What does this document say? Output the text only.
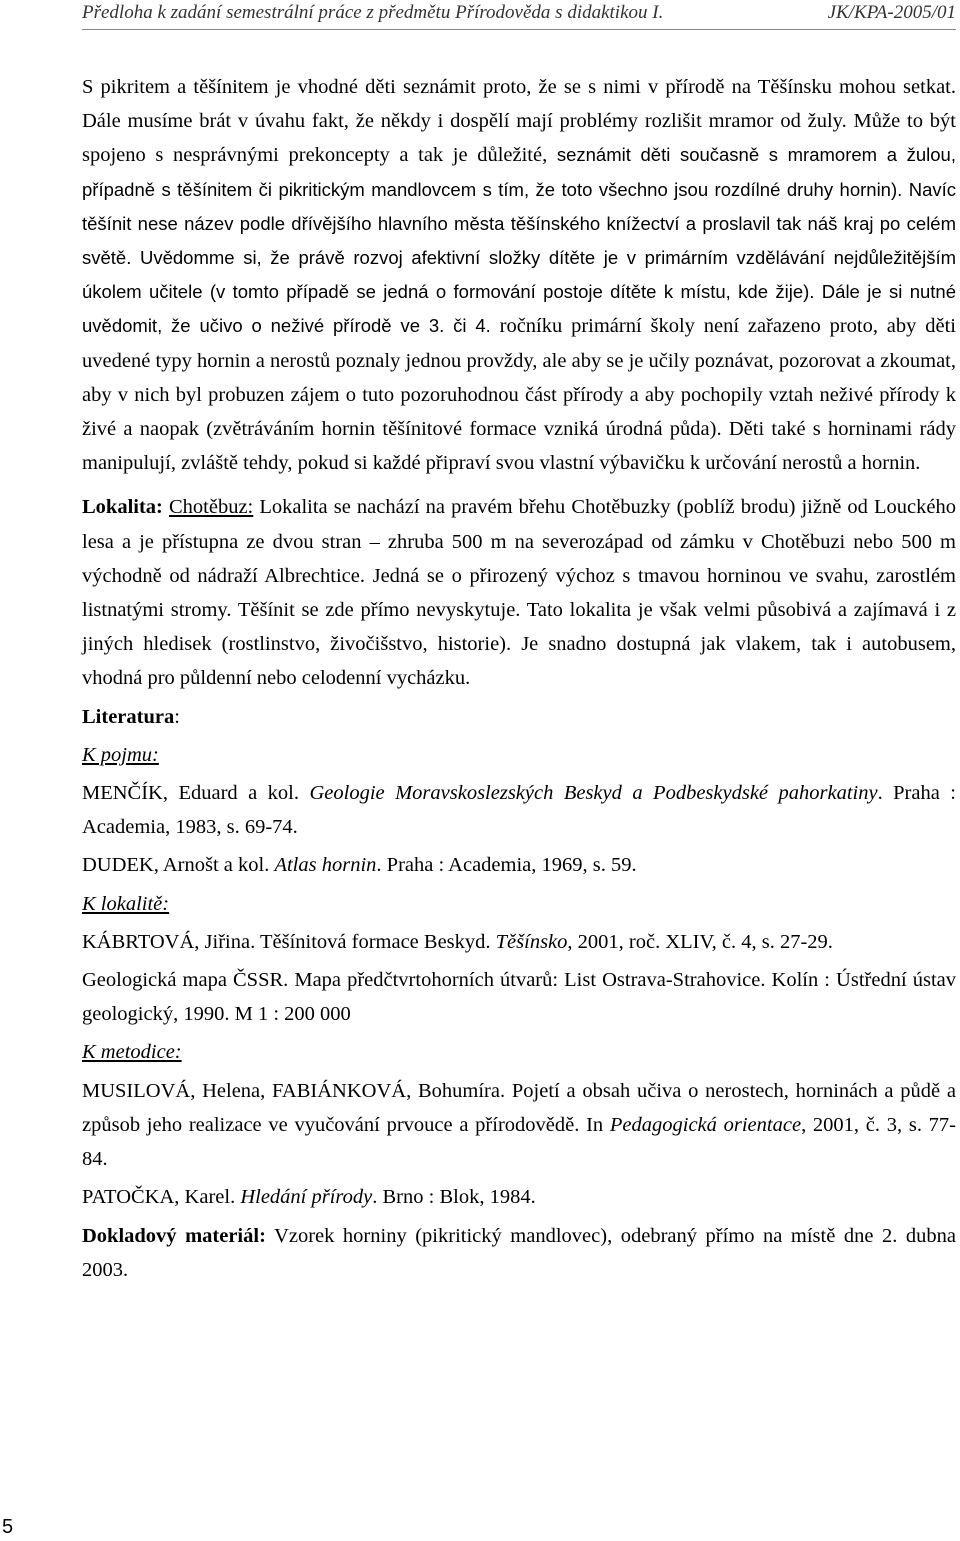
Předloha k zadání semestrální práce z předmětu Přírodověda s didaktikou I.	JK/KPA-2005/01

S pikritem a těšínitem je vhodné děti seznámit proto, že se s nimi v přírodě na Těšínsku mohou setkat. Dále musíme brát v úvahu fakt, že někdy i dospělí mají problémy rozlišit mramor od žuly. Může to být spojeno s nesprávnými prekoncepty a tak je důležité, seznámit děti současně s mramorem a žulou, případně s těšínitem či pikritickým mandlovcem s tím, že toto všechno jsou rozdílné druhy hornin). Navíc těšínit nese název podle dřívějšího hlavního města těšínského knížectví a proslavil tak náš kraj po celém světě. Uvědomme si, že právě rozvoj afektivní složky dítěte je v primárním vzdělávání nejdůležitějším úkolem učitele (v tomto případě se jedná o formování postoje dítěte k místu, kde žije). Dále je si nutné uvědomit, že učivo o neživé přírodě ve 3. či 4. ročníku primární školy není zařazeno proto, aby děti uvedené typy hornin a nerostů poznaly jednou provždy, ale aby se je učily poznávat, pozorovat a zkoumat, aby v nich byl probuzen zájem o tuto pozoruhodnou část přírody a aby pochopily vztah neživé přírody k živé a naopak (zvětráváním hornin těšínitové formace vzniká úrodná půda). Děti také s horninami rády manipulují, zvláště tehdy, pokud si každé připraví svou vlastní výbavičku k určování nerostů a hornin.

Lokalita: Chotěbuz: Lokalita se nachází na pravém břehu Chotěbuzky (poblíž brodu) jižně od Louckého lesa a je přístupna ze dvou stran – zhruba 500 m na severozápad od zámku v Chotěbuzi nebo 500 m východně od nádraží Albrechtice. Jedná se o přirozený výchoz s tmavou horninou ve svahu, zarostlém listnatými stromy. Těšínit se zde přímo nevyskytuje. Tato lokalita je však velmi působivá a zajímavá i z jiných hledisek (rostlinstvo, živočišstvo, historie). Je snadno dostupná jak vlakem, tak i autobusem, vhodná pro půldenní nebo celodenní vycházku.

Literatura:

K pojmu:

MENČÍK, Eduard a kol. Geologie Moravskoslezských Beskyd a Podbeskydské pahorkatiny. Praha : Academia, 1983, s. 69-74.

DUDEK, Arnošt a kol. Atlas hornin. Praha : Academia, 1969, s. 59.

K lokalitě:

KÁBRTOVÁ, Jiřina. Těšínitová formace Beskyd. Těšínsko, 2001, roč. XLIV, č. 4, s. 27-29.

Geologická mapa ČSSR. Mapa předčtvrtohorních útvarů: List Ostrava-Strahovice. Kolín : Ústřední ústav geologický, 1990. M 1 : 200 000

K metodice:

MUSILOVÁ, Helena, FABIÁNKOVÁ, Bohumíra. Pojetí a obsah učiva o nerostech, horninách a půdě a způsob jeho realizace ve vyučování prvouce a přírodovědě. In Pedagogická orientace, 2001, č. 3, s. 77-84.

PATOČKA, Karel. Hledání přírody. Brno : Blok, 1984.

Dokladový materiál: Vzorek horniny (pikritický mandlovec), odebraný přímo na místě dne 2. dubna 2003.

5
